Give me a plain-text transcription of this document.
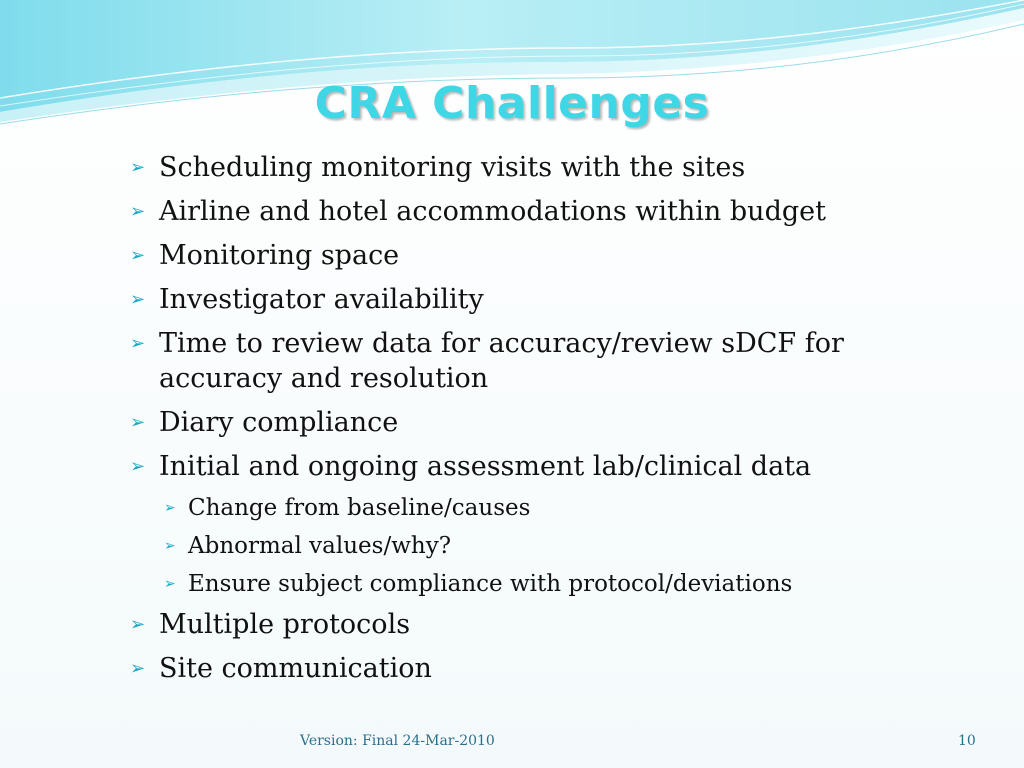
CRA Challenges
➢ Scheduling monitoring visits with the sites
➢ Airline and hotel accommodations within budget
➢ Monitoring space
➢ Investigator availability
➢ Time to review data for accuracy/review sDCF for accuracy and resolution
➢ Diary compliance
➢ Initial and ongoing assessment lab/clinical data
➢ Change from baseline/causes
➢ Abnormal values/why?
➢ Ensure subject compliance with protocol/deviations
➢ Multiple protocols
➢ Site communication
Version: Final 24-Mar-2010	10
